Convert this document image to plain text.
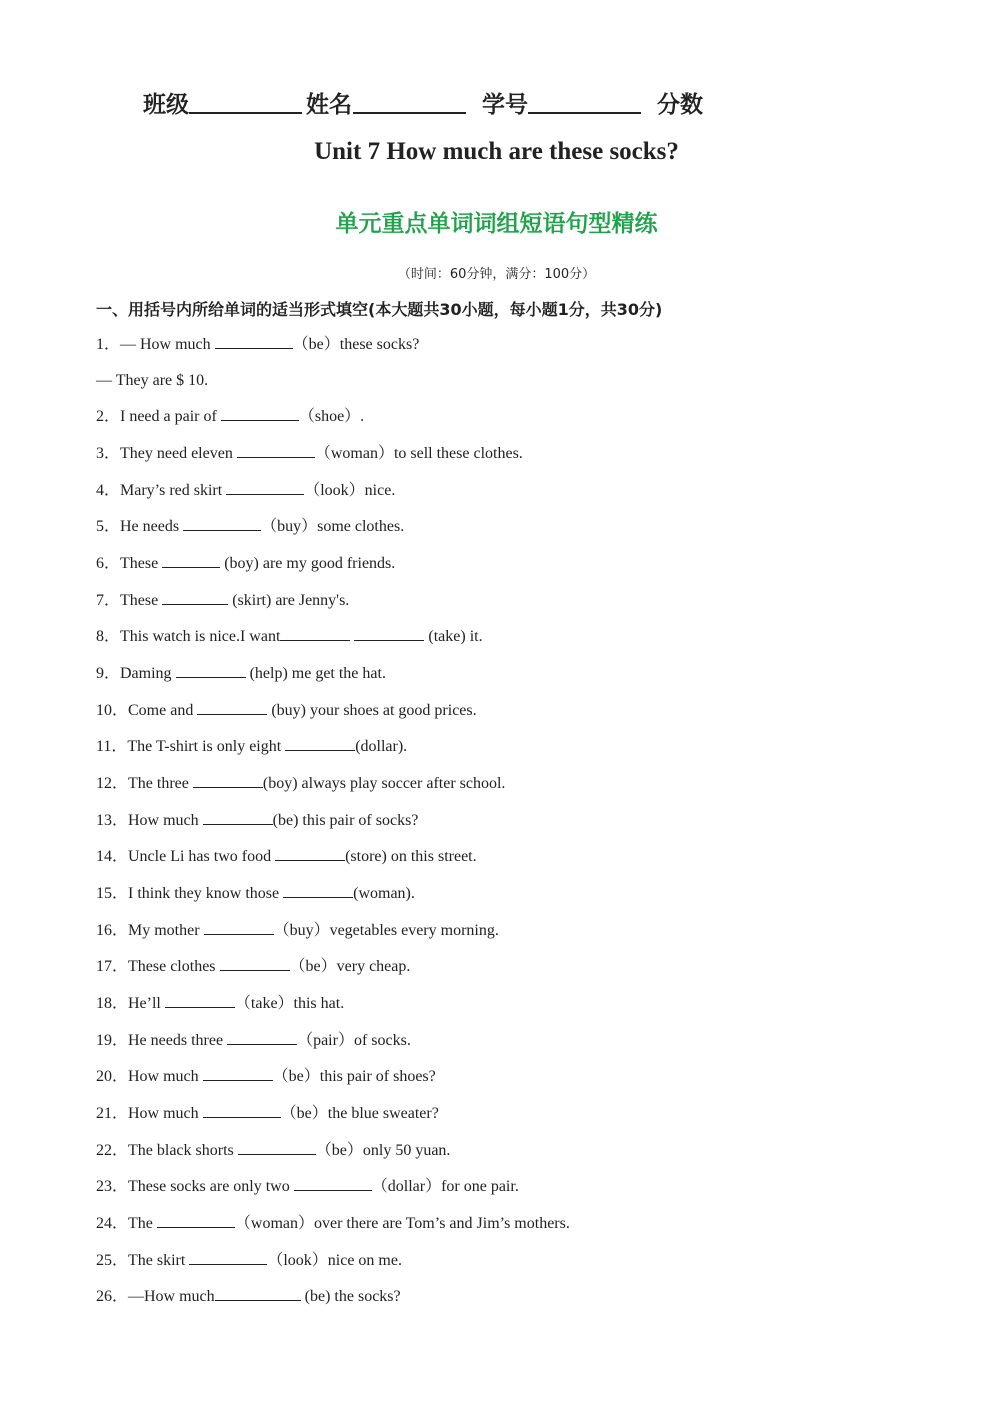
班级	姓名	学号	分数
Unit 7 How much are these socks?
单元重点单词词组短语句型精练
（时间：60分钟，满分：100分）
一、用括号内所给单词的适当形式填空(本大题共30小题，每小题1分，共30分)
1．— How much	（be）these socks?
— They are $ 10.
2．I need a pair of	（shoe）.
3．They need eleven	（woman）to sell these clothes.
4．Mary’s red skirt	（look）nice.
5．He needs	（buy）some clothes.
6．These	(boy) are my good friends.
7．These	(skirt) are Jenny's.
8．This watch is nice.I want	(take) it.
9．Daming	(help) me get the hat.
10．Come and	(buy) your shoes at good prices.
11．The T-shirt is only eight	(dollar).
12．The three	(boy) always play soccer after school.
13．How much	(be) this pair of socks?
14．Uncle Li has two food	(store) on this street.
15．I think they know those	(woman).
16．My mother	（buy）vegetables every morning.
17．These clothes	（be）very cheap.
18．He’ll	（take）this hat.
19．He needs three	（pair）of socks.
20．How much	（be）this pair of shoes?
21．How much	（be）the blue sweater?
22．The black shorts	（be）only 50 yuan.
23．These socks are only two	（dollar）for one pair.
24．The	（woman）over there are Tom’s and Jim’s mothers.
25．The skirt	（look）nice on me.
26．—How much	(be) the socks?
